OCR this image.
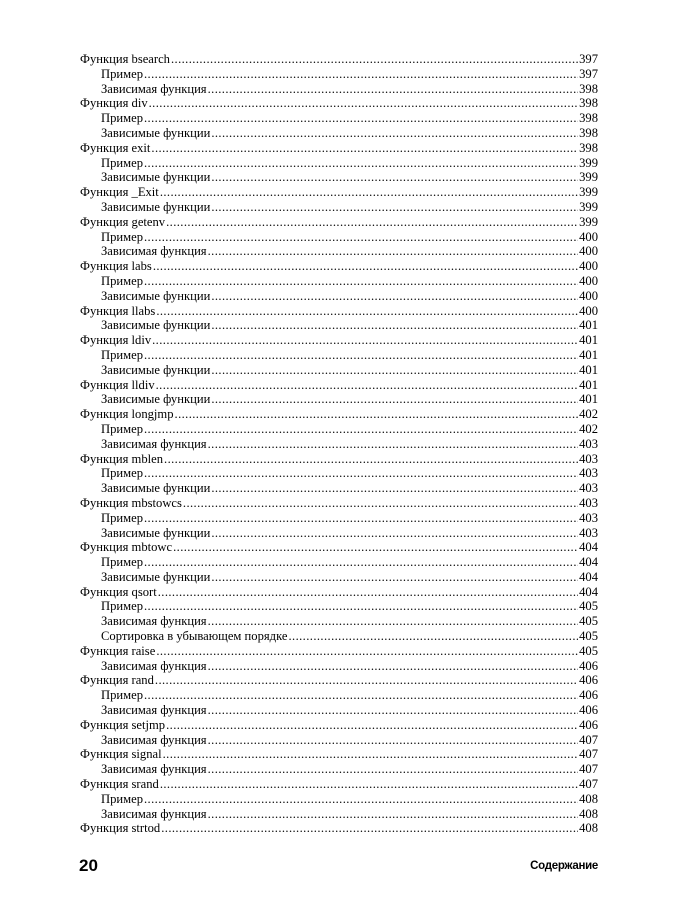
Функция bsearch .....	397
Пример .....	397
Зависимая функция .....	398
Функция div .....	398
Пример .....	398
Зависимые функции .....	398
Функция exit .....	398
Пример .....	399
Зависимые функции .....	399
Функция _Exit .....	399
Зависимые функции .....	399
Функция getenv .....	399
Пример .....	400
Зависимая функция .....	400
Функция labs .....	400
Пример .....	400
Зависимые функции .....	400
Функция llabs .....	400
Зависимые функции .....	401
Функция ldiv .....	401
Пример .....	401
Зависимые функции .....	401
Функция lldiv .....	401
Зависимые функции .....	401
Функция longjmp .....	402
Пример .....	402
Зависимая функция .....	403
Функция mblen .....	403
Пример .....	403
Зависимые функции .....	403
Функция mbstowcs .....	403
Пример .....	403
Зависимые функции .....	403
Функция mbtowc .....	404
Пример .....	404
Зависимые функции .....	404
Функция qsort .....	404
Пример .....	405
Зависимая функция .....	405
Сортировка в убывающем порядке .....	405
Функция raise .....	405
Зависимая функция .....	406
Функция rand .....	406
Пример .....	406
Зависимая функция .....	406
Функция setjmp .....	406
Зависимая функция .....	407
Функция signal .....	407
Зависимая функция .....	407
Функция srand .....	407
Пример .....	408
Зависимая функция .....	408
Функция strtod .....	408
20	Содержание
